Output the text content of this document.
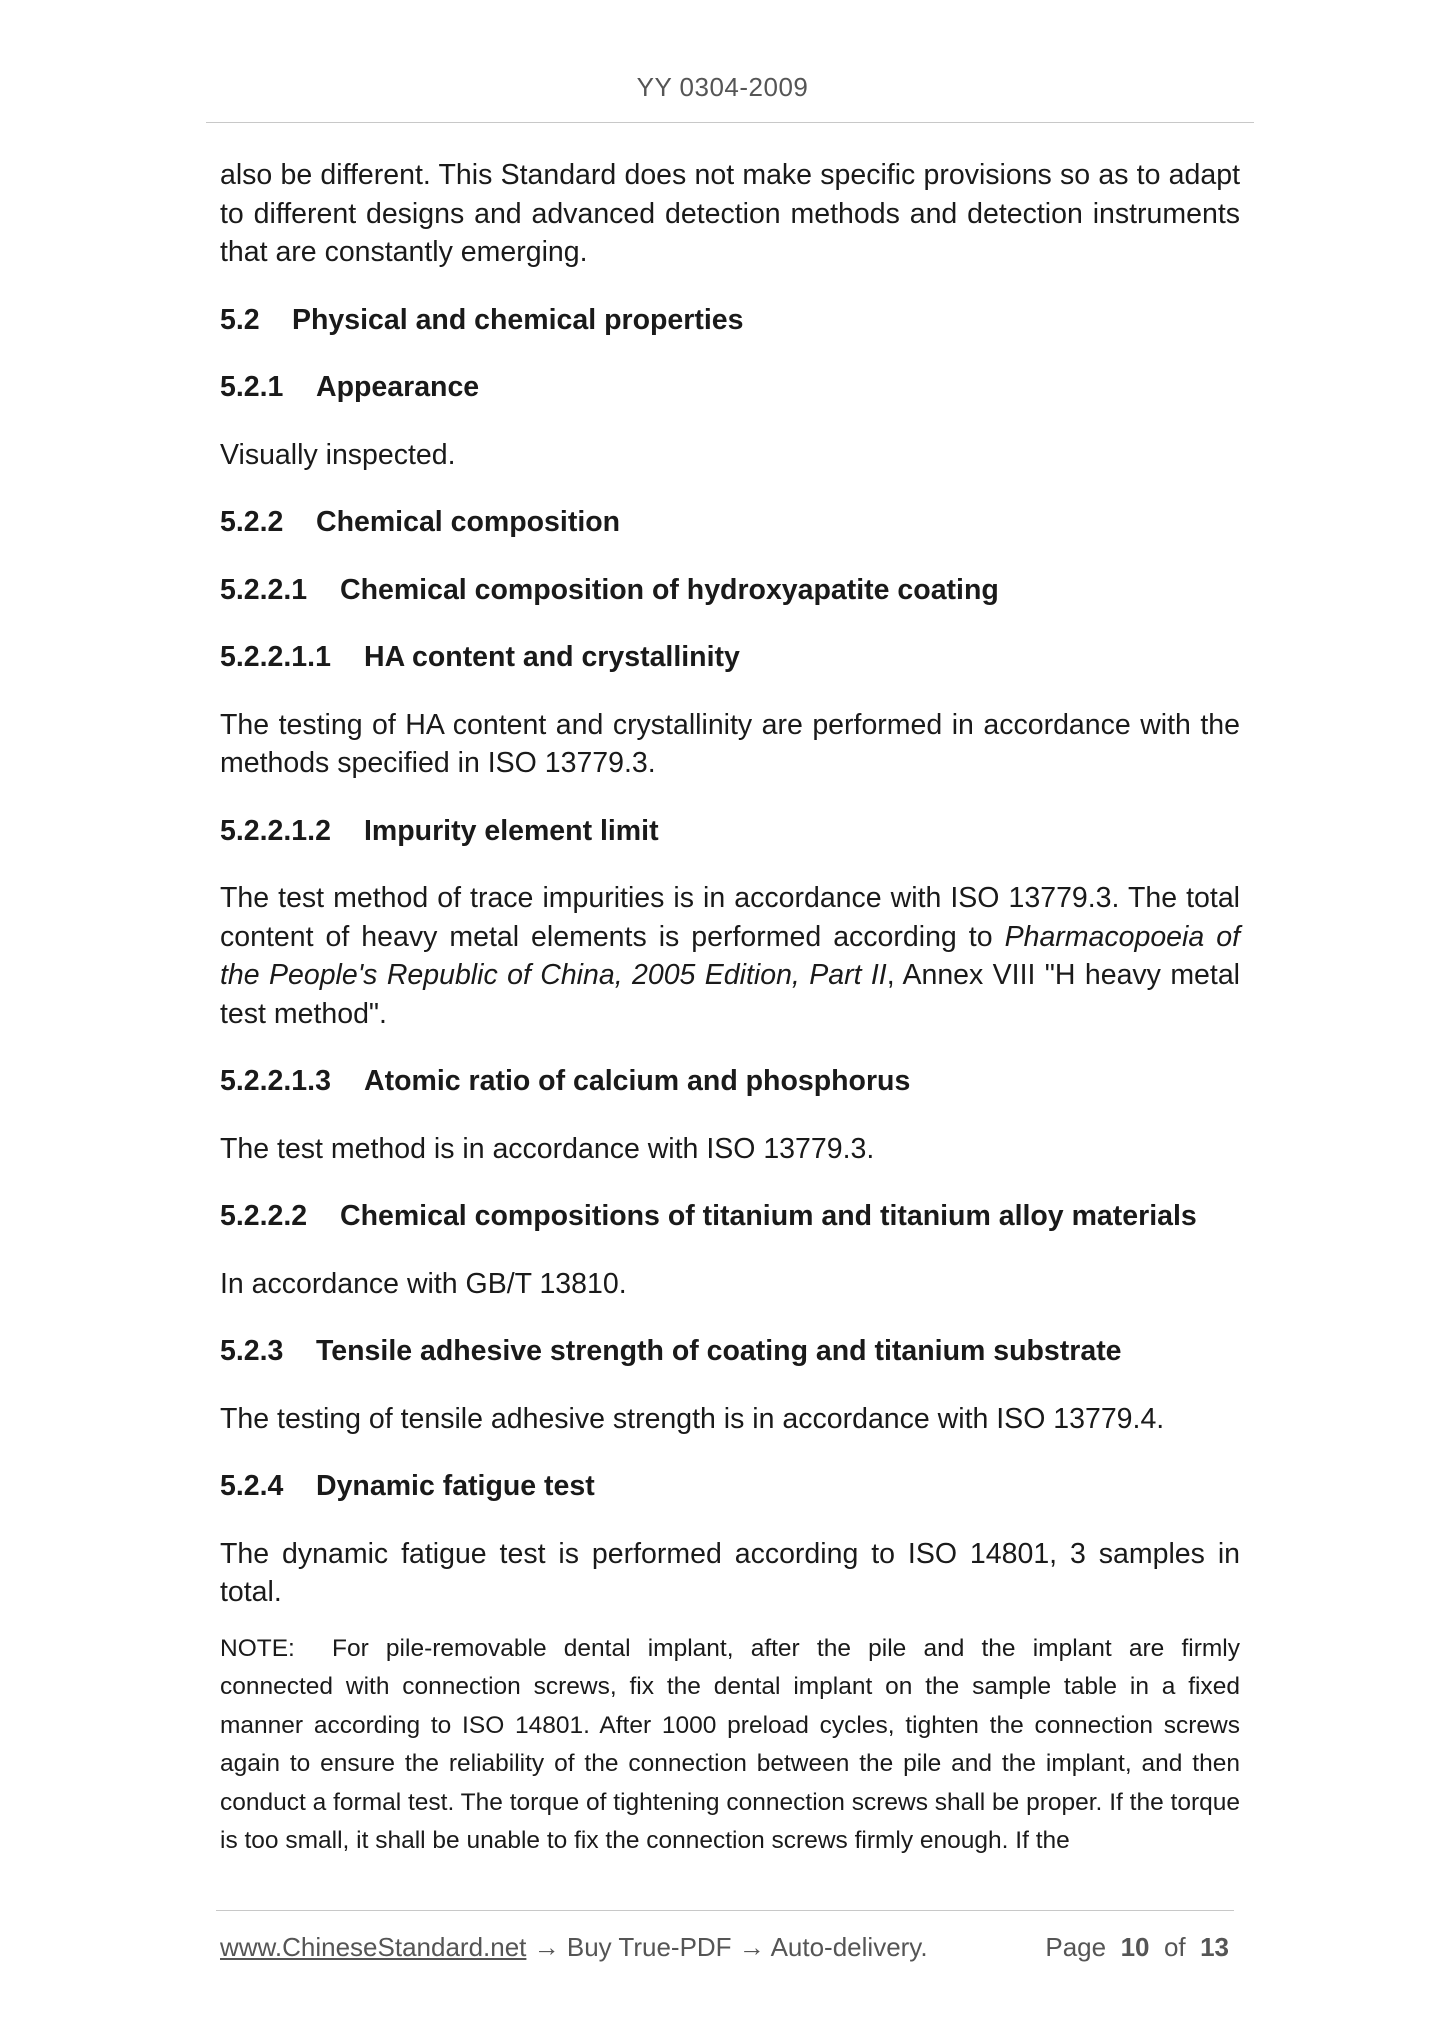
YY 0304-2009

also be different. This Standard does not make specific provisions so as to adapt to different designs and advanced detection methods and detection instruments that are constantly emerging.

5.2 Physical and chemical properties
5.2.1 Appearance

Visually inspected.

5.2.2 Chemical composition
5.2.2.1 Chemical composition of hydroxyapatite coating
5.2.2.1.1 HA content and crystallinity

The testing of HA content and crystallinity are performed in accordance with the methods specified in ISO 13779.3.

5.2.2.1.2 Impurity element limit

The test method of trace impurities is in accordance with ISO 13779.3. The total content of heavy metal elements is performed according to Pharmacopoeia of the People's Republic of China, 2005 Edition, Part II, Annex VIII "H heavy metal test method".

5.2.2.1.3 Atomic ratio of calcium and phosphorus

The test method is in accordance with ISO 13779.3.

5.2.2.2 Chemical compositions of titanium and titanium alloy materials

In accordance with GB/T 13810.

5.2.3 Tensile adhesive strength of coating and titanium substrate

The testing of tensile adhesive strength is in accordance with ISO 13779.4.

5.2.4 Dynamic fatigue test

The dynamic fatigue test is performed according to ISO 14801, 3 samples in total.

NOTE: For pile-removable dental implant, after the pile and the implant are firmly connected with connection screws, fix the dental implant on the sample table in a fixed manner according to ISO 14801. After 1000 preload cycles, tighten the connection screws again to ensure the reliability of the connection between the pile and the implant, and then conduct a formal test. The torque of tightening connection screws shall be proper. If the torque is too small, it shall be unable to fix the connection screws firmly enough. If the

www.ChineseStandard.net → Buy True-PDF → Auto-delivery.	Page 10 of 13
